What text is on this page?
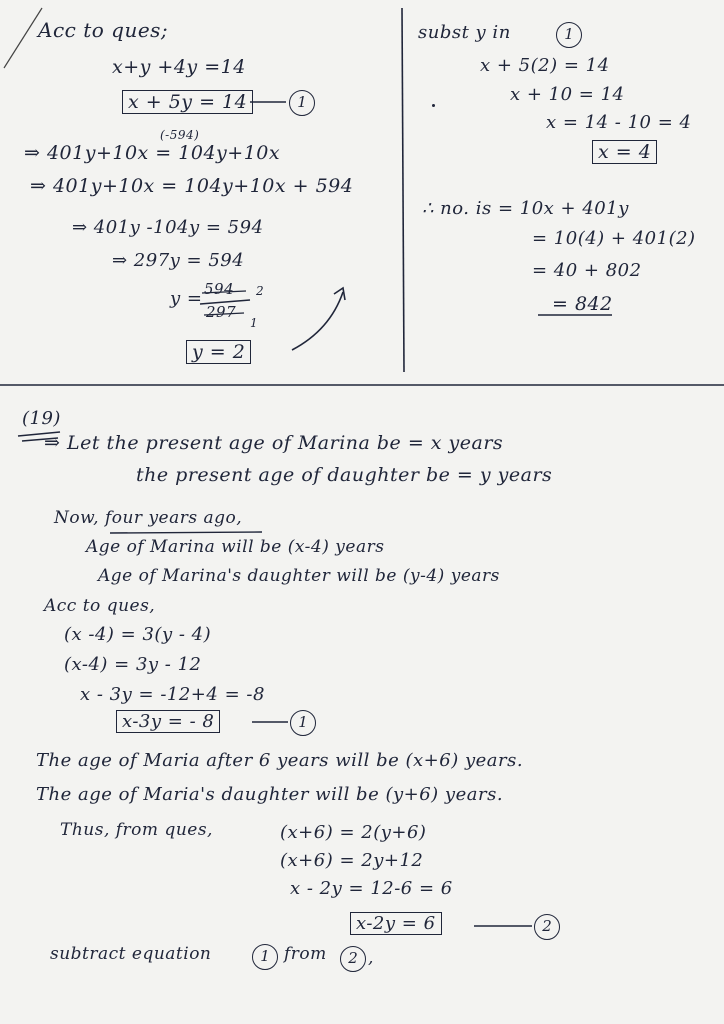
Acc to ques;
x+y +4y =14
x + 5y = 14	1
(-594)
⇒ 401y+10x = 104y+10x
⇒ 401y+10x = 104y+10x + 594
⇒ 401y -104y = 594
⇒ 297y = 594
y = 594
297
2
1
y = 2
subst y in	1
x + 5(2) = 14
x + 10 = 14
x = 14 - 10 = 4
x = 4
∴ no. is = 10x + 401y
= 10(4) + 401(2)
= 40 + 802
= 842
(19)
⇒ Let the present age of Marina be = x years
the present age of daughter be = y years
Now, four years ago,
Age of Marina will be (x-4) years
Age of Marina's daughter will be (y-4) years
Acc to ques,
(x -4) = 3(y - 4)
(x-4) = 3y - 12
x - 3y = -12+4 = -8
x-3y = - 8	1
The age of Maria after 6 years will be (x+6) years.
The age of Maria's daughter will be (y+6) years.
Thus, from ques,	(x+6) = 2(y+6)
(x+6) = 2y+12
x - 2y = 12-6 = 6
x-2y = 6	2
subtract equation	1 from	2 ,
